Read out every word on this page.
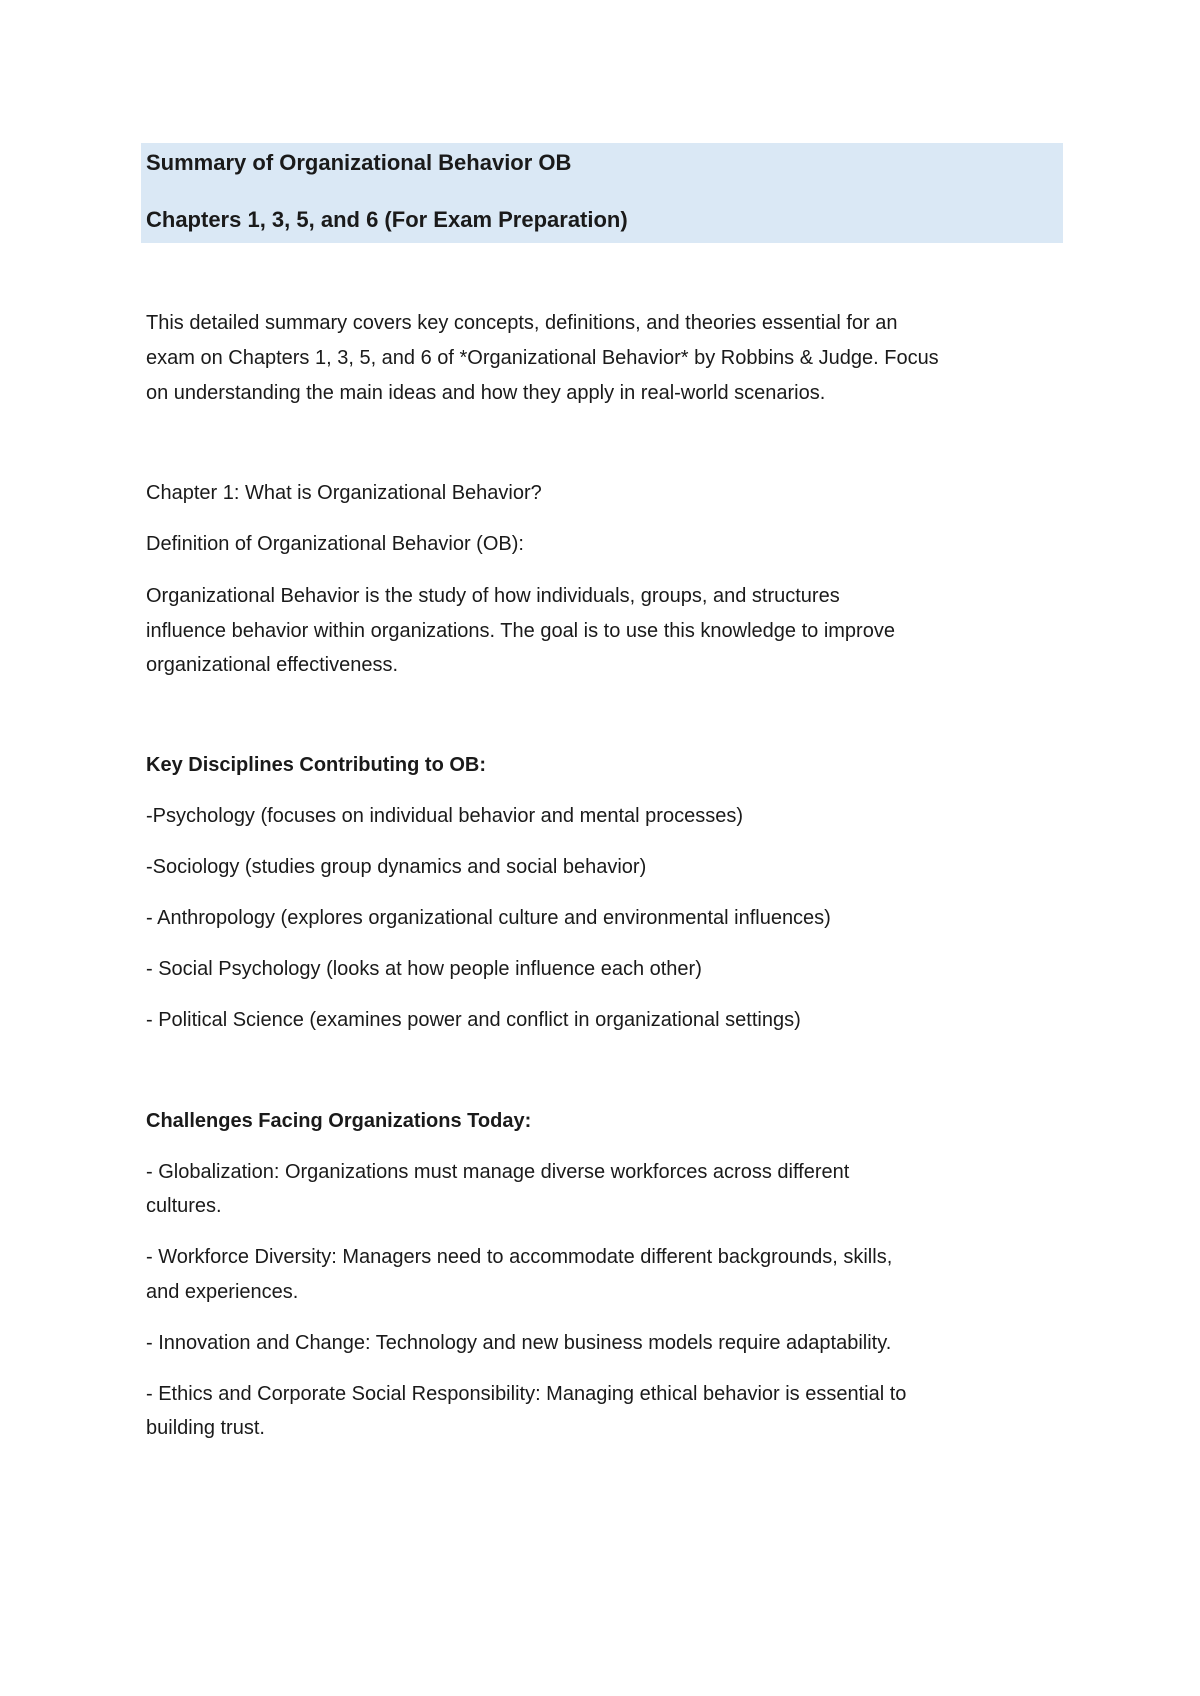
Summary of Organizational Behavior OB
Chapters 1, 3, 5, and 6 (For Exam Preparation)
This detailed summary covers key concepts, definitions, and theories essential for an
exam on Chapters 1, 3, 5, and 6 of *Organizational Behavior* by Robbins & Judge. Focus
on understanding the main ideas and how they apply in real-world scenarios.
Chapter 1: What is Organizational Behavior?
Definition of Organizational Behavior (OB):
Organizational Behavior is the study of how individuals, groups, and structures
influence behavior within organizations. The goal is to use this knowledge to improve
organizational effectiveness.
Key Disciplines Contributing to OB:
-Psychology (focuses on individual behavior and mental processes)
-Sociology (studies group dynamics and social behavior)
- Anthropology (explores organizational culture and environmental influences)
- Social Psychology (looks at how people influence each other)
- Political Science (examines power and conflict in organizational settings)
Challenges Facing Organizations Today:
- Globalization: Organizations must manage diverse workforces across different
cultures.
- Workforce Diversity: Managers need to accommodate different backgrounds, skills,
and experiences.
- Innovation and Change: Technology and new business models require adaptability.
- Ethics and Corporate Social Responsibility: Managing ethical behavior is essential to
building trust.
